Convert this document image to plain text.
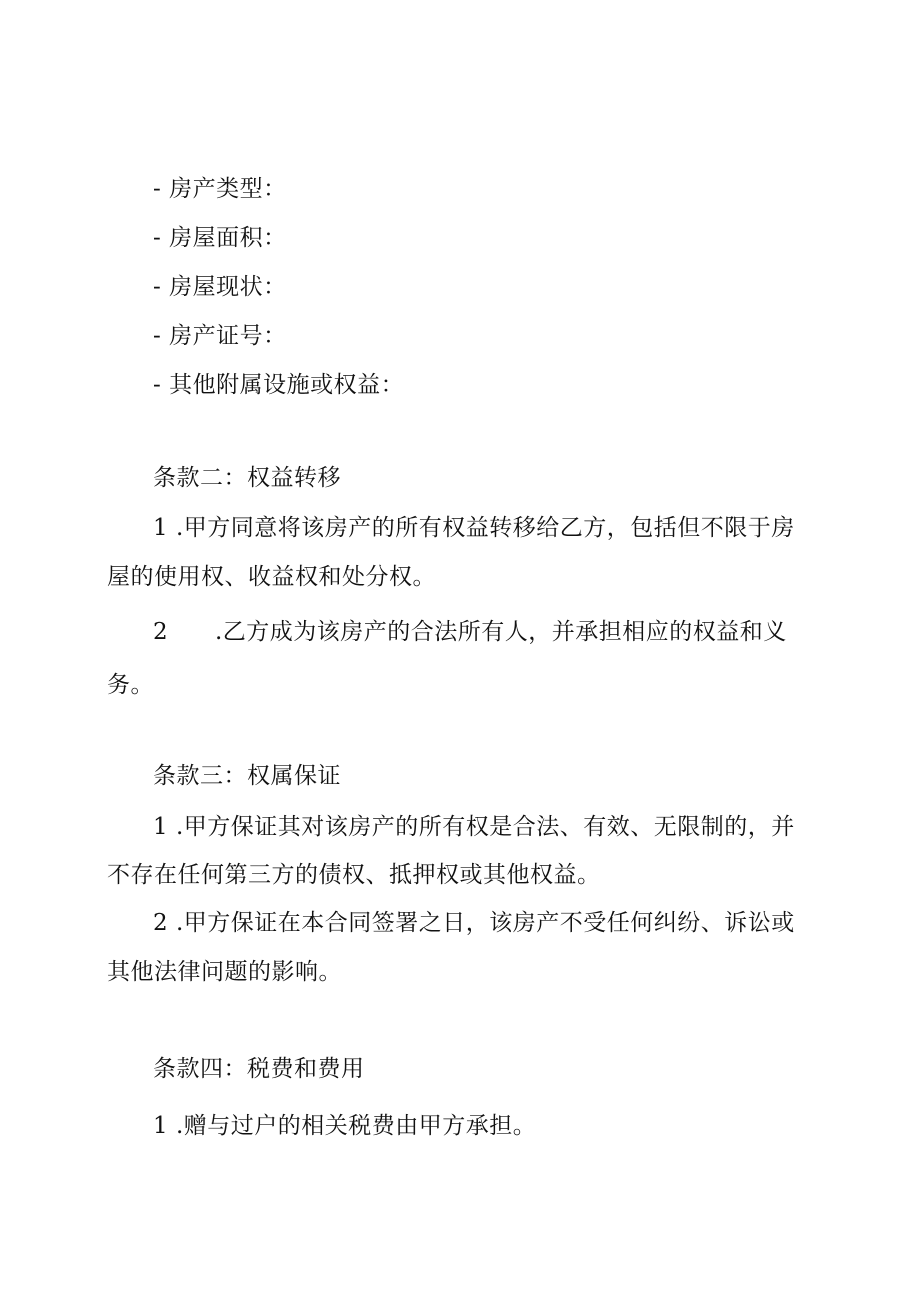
- 房产类型：
- 房屋面积：
- 房屋现状：
- 房产证号：
- 其他附属设施或权益：
条款二：权益转移
1 .甲方同意将该房产的所有权益转移给乙方，包括但不限于房
屋的使用权、收益权和处分权。
2      .乙方成为该房产的合法所有人，并承担相应的权益和义
务。
条款三：权属保证
1 .甲方保证其对该房产的所有权是合法、有效、无限制的，并
不存在任何第三方的债权、抵押权或其他权益。
2 .甲方保证在本合同签署之日，该房产不受任何纠纷、诉讼或
其他法律问题的影响。
条款四：税费和费用
1 .赠与过户的相关税费由甲方承担。
